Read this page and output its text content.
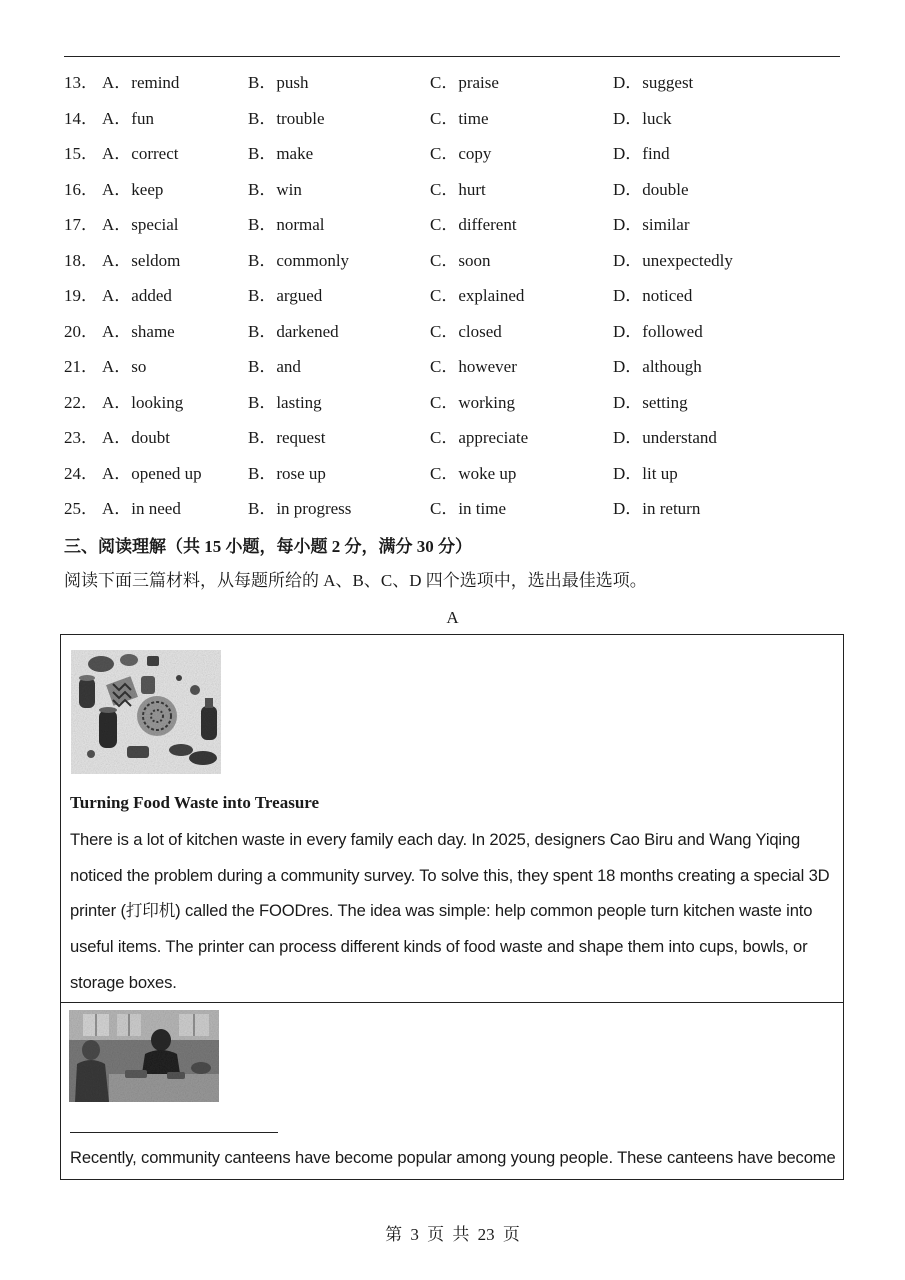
13． A．remind	B．push	C．praise	D．suggest
14． A．fun	B．trouble	C．time	D．luck
15． A．correct	B．make	C．copy	D．find
16． A．keep	B．win	C．hurt	D．double
17． A．special	B．normal	C．different	D．similar
18． A．seldom	B．commonly	C．soon	D．unexpectedly
19． A．added	B．argued	C．explained	D．noticed
20． A．shame	B．darkened	C．closed	D．followed
21． A．so	B．and	C．however	D．although
22． A．looking	B．lasting	C．working	D．setting
23． A．doubt	B．request	C．appreciate	D．understand
24． A．opened up	B．rose up	C．woke up	D．lit up
25． A．in need	B．in progress	C．in time	D．in return
三、阅读理解（共 15 小题，每小题 2 分，满分 30 分）
阅读下面三篇材料，从每题所给的 A、B、C、D 四个选项中，选出最佳选项。
A
Turning Food Waste into Treasure
There is a lot of kitchen waste in every family each day. In 2025, designers Cao Biru and Wang Yiqing noticed the problem during a community survey. To solve this, they spent 18 months creating a special 3D printer (打印机) called the FOODres. The idea was simple: help common people turn kitchen waste into useful items. The printer can process different kinds of food waste and shape them into cups, bowls, or storage boxes.
Recently, community canteens have become popular among young people. These canteens have become
第 3 页 共 23 页
